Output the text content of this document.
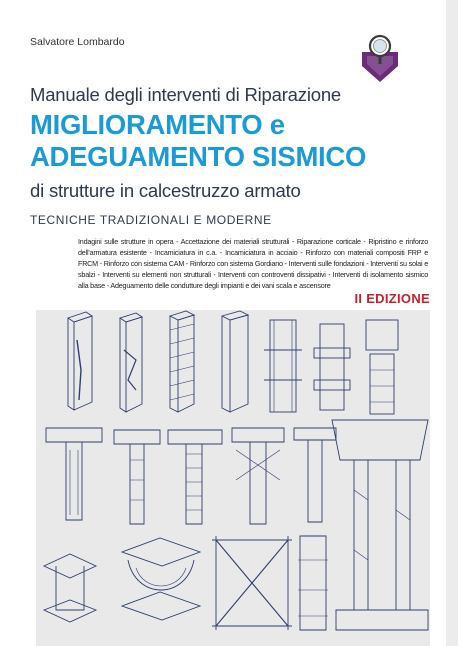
Salvatore Lombardo
Manuale degli interventi di Riparazione
MIGLIORAMENTO e
ADEGUAMENTO SISMICO
di strutture in calcestruzzo armato
TECNICHE TRADIZIONALI E MODERNE
Indagini sulle strutture in opera - Accettazione dei materiali strutturali - Riparazione corticale - Ripristino e rinforzo dell'armatura esistente - Incamiciatura in c.a. - Incamiciatura in acciaio - Rinforzo con materiali compositi FRP e FRCM - Rinforzo con sistema CAM - Rinforzo con sistema Gordiano - Interventi sulle fondazioni - Interventi su solai e sbalzi - Interventi su elementi non strutturali - Interventi con controventi dissipativi - Interventi di isolamento sismico alla base - Adeguamento delle condutture degli impianti e dei vani scala e ascensore
II EDIZIONE
